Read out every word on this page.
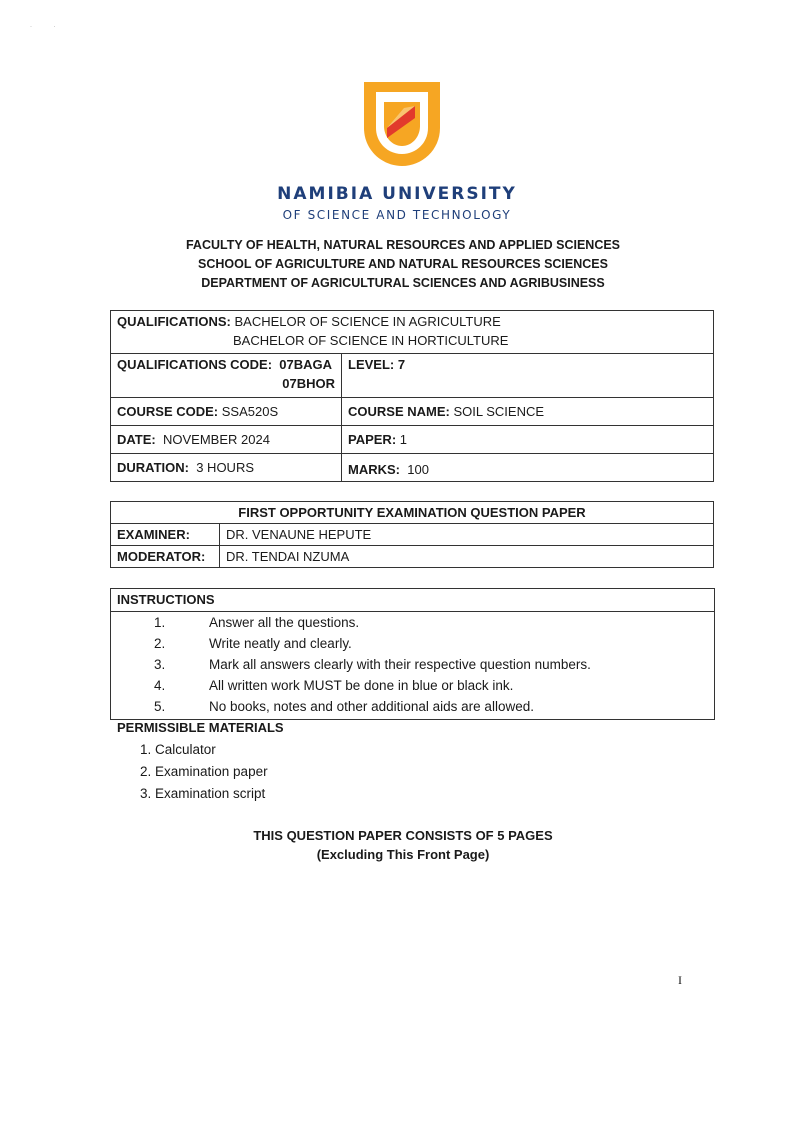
·             ·
NAMIBIA UNIVERSITY
OF SCIENCE AND TECHNOLOGY
FACULTY OF HEALTH, NATURAL RESOURCES AND APPLIED SCIENCES
SCHOOL OF AGRICULTURE AND NATURAL RESOURCES SCIENCES
DEPARTMENT OF AGRICULTURAL SCIENCES AND AGRIBUSINESS
QUALIFICATIONS: BACHELOR OF SCIENCE IN AGRICULTURE
BACHELOR OF SCIENCE IN HORTICULTURE	

QUALIFICATIONS CODE: 07BAGA
07BHOR	LEVEL: 7
COURSE CODE: SSA520S	COURSE NAME: SOIL SCIENCE
DATE: NOVEMBER 2024	PAPER: 1
DURATION: 3 HOURS	MARKS: 100
FIRST OPPORTUNITY EXAMINATION QUESTION PAPER	
EXAMINER:	DR. VENAUNE HEPUTE
MODERATOR:	DR. TENDAI NZUMA
INSTRUCTIONS
1.	Answer all the questions.
2.	Write neatly and clearly.
3.	Mark all answers clearly with their respective question numbers.
4.	All written work MUST be done in blue or black ink.
5.	No books, notes and other additional aids are allowed.
PERMISSIBLE MATERIALS
1. Calculator
2. Examination paper
3. Examination script
THIS QUESTION PAPER CONSISTS OF 5 PAGES
(Excluding This Front Page)
I
